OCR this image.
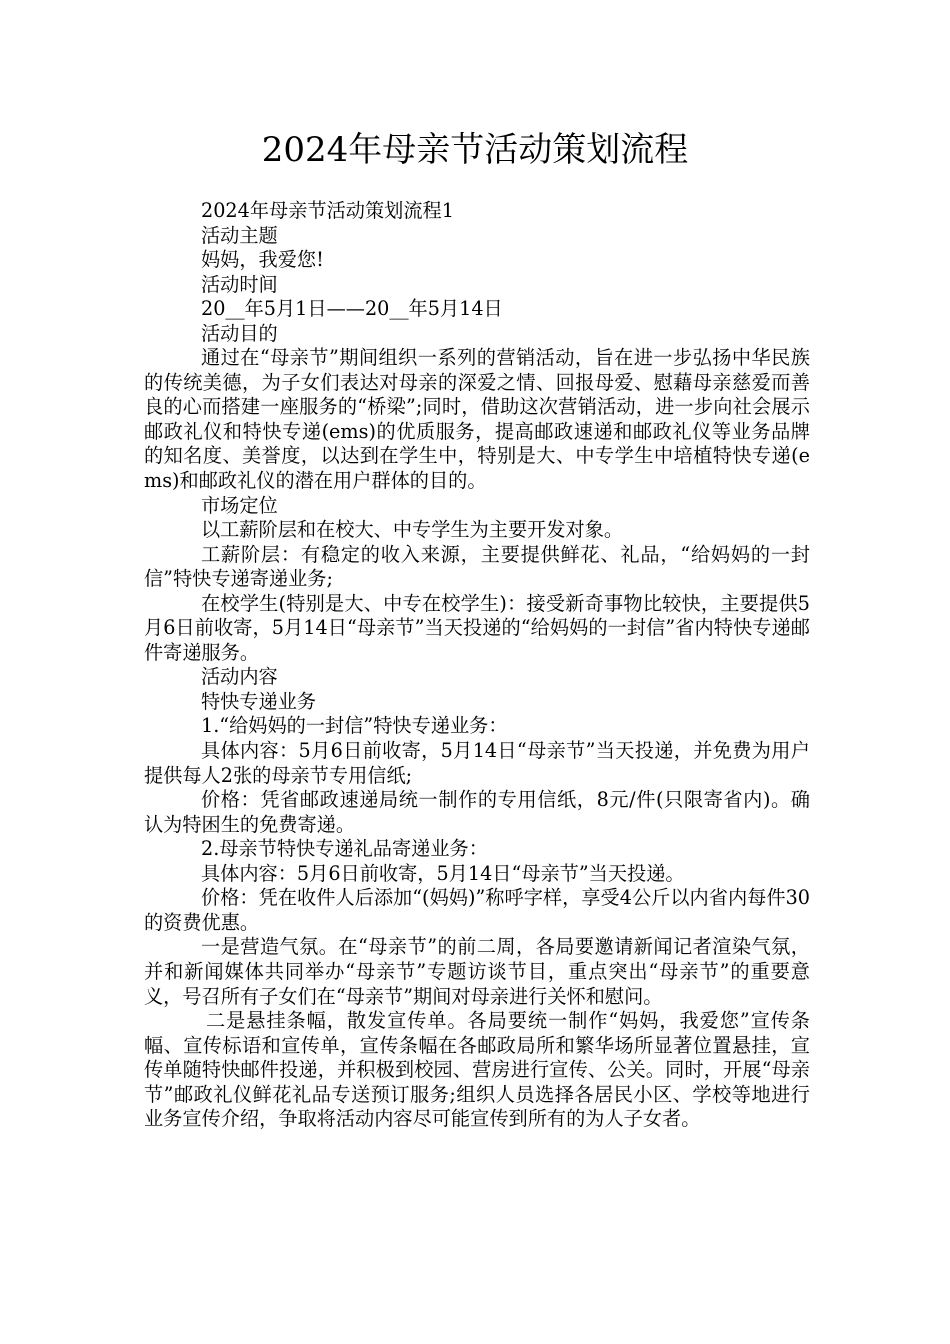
2024年母亲节活动策划流程

2024年母亲节活动策划流程1

活动主题

妈妈，我爱您!

活动时间

20__年5月1日——20__年5月14日

活动目的

通过在“母亲节”期间组织一系列的营销活动，旨在进一步弘扬中华民族的传统美德，为子女们表达对母亲的深爱之情、回报母爱、慰藉母亲慈爱而善良的心而搭建一座服务的“桥梁”;同时，借助这次营销活动，进一步向社会展示邮政礼仪和特快专递(ems)的优质服务，提高邮政速递和邮政礼仪等业务品牌的知名度、美誉度，以达到在学生中，特别是大、中专学生中培植特快专递(ems)和邮政礼仪的潜在用户群体的目的。

市场定位

以工薪阶层和在校大、中专学生为主要开发对象。

工薪阶层：有稳定的收入来源，主要提供鲜花、礼品，“给妈妈的一封信”特快专递寄递业务;

在校学生(特别是大、中专在校学生)：接受新奇事物比较快，主要提供5月6日前收寄，5月14日“母亲节”当天投递的“给妈妈的一封信”省内特快专递邮件寄递服务。

活动内容

特快专递业务

1.“给妈妈的一封信”特快专递业务：

具体内容：5月6日前收寄，5月14日“母亲节”当天投递，并免费为用户提供每人2张的母亲节专用信纸;

价格：凭省邮政速递局统一制作的专用信纸，8元/件(只限寄省内)。确认为特困生的免费寄递。

2.母亲节特快专递礼品寄递业务：

具体内容：5月6日前收寄，5月14日“母亲节”当天投递。

价格：凭在收件人后添加“(妈妈)”称呼字样，享受4公斤以内省内每件30的资费优惠。

一是营造气氛。在“母亲节”的前二周，各局要邀请新闻记者渲染气氛，并和新闻媒体共同举办“母亲节”专题访谈节目，重点突出“母亲节”的重要意义，号召所有子女们在“母亲节”期间对母亲进行关怀和慰问。

二是悬挂条幅，散发宣传单。各局要统一制作“妈妈，我爱您”宣传条幅、宣传标语和宣传单，宣传条幅在各邮政局所和繁华场所显著位置悬挂，宣传单随特快邮件投递，并积极到校园、营房进行宣传、公关。同时，开展“母亲节”邮政礼仪鲜花礼品专送预订服务;组织人员选择各居民小区、学校等地进行业务宣传介绍，争取将活动内容尽可能宣传到所有的为人子女者。
